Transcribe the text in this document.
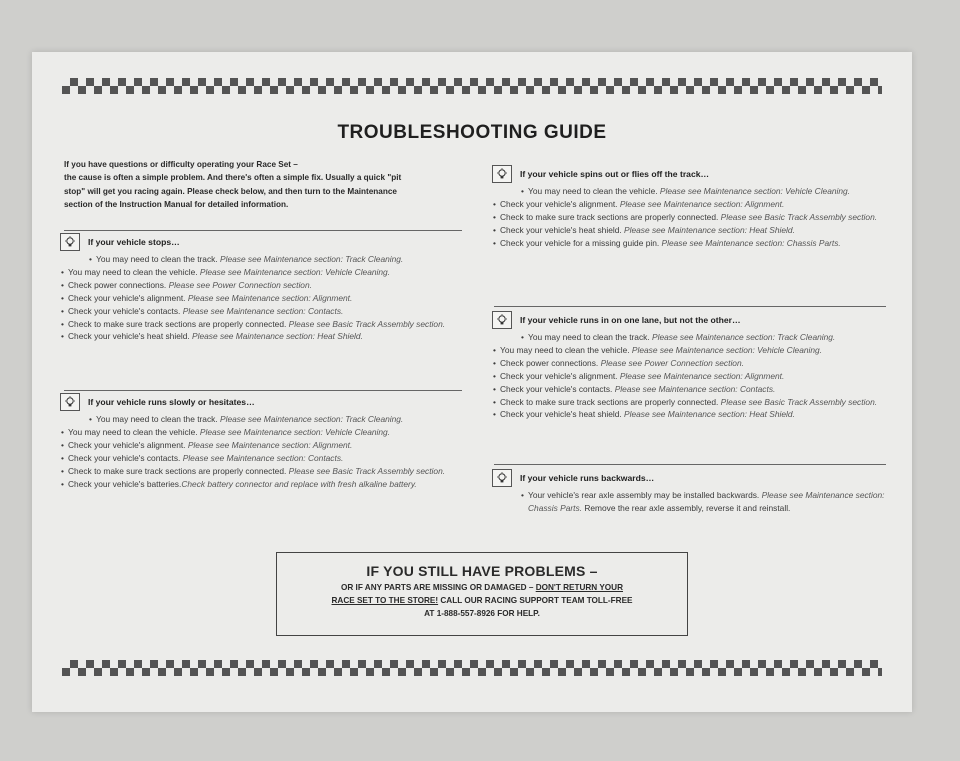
TROUBLESHOOTING GUIDE

If you have questions or difficulty operating your Race Set –

the cause is often a simple problem. And there's often a simple fix. Usually a quick "pit

stop" will get you racing again. Please check below, and then turn to the Maintenance

section of the Instruction Manual for detailed information.

If your vehicle stops…

• You may need to clean the track. Please see Maintenance section: Track Cleaning.

• You may need to clean the vehicle. Please see Maintenance section: Vehicle Cleaning.

• Check power connections. Please see Power Connection section.

• Check your vehicle's alignment. Please see Maintenance section: Alignment.

• Check your vehicle's contacts. Please see Maintenance section: Contacts.

• Check to make sure track sections are properly connected. Please see Basic Track Assembly section.

• Check your vehicle's heat shield. Please see Maintenance section: Heat Shield.

If your vehicle runs slowly or hesitates…

• You may need to clean the track. Please see Maintenance section: Track Cleaning.

• You may need to clean the vehicle. Please see Maintenance section: Vehicle Cleaning.

• Check your vehicle's alignment. Please see Maintenance section: Alignment.

• Check your vehicle's contacts. Please see Maintenance section: Contacts.

• Check to make sure track sections are properly connected. Please see Basic Track Assembly section.

• Check your vehicle's batteries.Check battery connector and replace with fresh alkaline battery.

If your vehicle spins out or flies off the track…

• You may need to clean the vehicle. Please see Maintenance section: Vehicle Cleaning.

• Check your vehicle's alignment. Please see Maintenance section: Alignment.

• Check to make sure track sections are properly connected. Please see Basic Track Assembly section.

• Check your vehicle's heat shield. Please see Maintenance section: Heat Shield.

• Check your vehicle for a missing guide pin. Please see Maintenance section: Chassis Parts.

If your vehicle runs in on one lane, but not the other…

• You may need to clean the track. Please see Maintenance section: Track Cleaning.

• You may need to clean the vehicle. Please see Maintenance section: Vehicle Cleaning.

• Check power connections. Please see Power Connection section.

• Check your vehicle's alignment. Please see Maintenance section: Alignment.

• Check your vehicle's contacts. Please see Maintenance section: Contacts.

• Check to make sure track sections are properly connected. Please see Basic Track Assembly section.

• Check your vehicle's heat shield. Please see Maintenance section: Heat Shield.

If your vehicle runs backwards…

• Your vehicle's rear axle assembly may be installed backwards. Please see Maintenance section: Chassis Parts. Remove the rear axle assembly, reverse it and reinstall.

IF YOU STILL HAVE PROBLEMS –
OR IF ANY PARTS ARE MISSING OR DAMAGED – DON'T RETURN YOUR
RACE SET TO THE STORE! CALL OUR RACING SUPPORT TEAM TOLL-FREE
AT 1-888-557-8926 FOR HELP.
